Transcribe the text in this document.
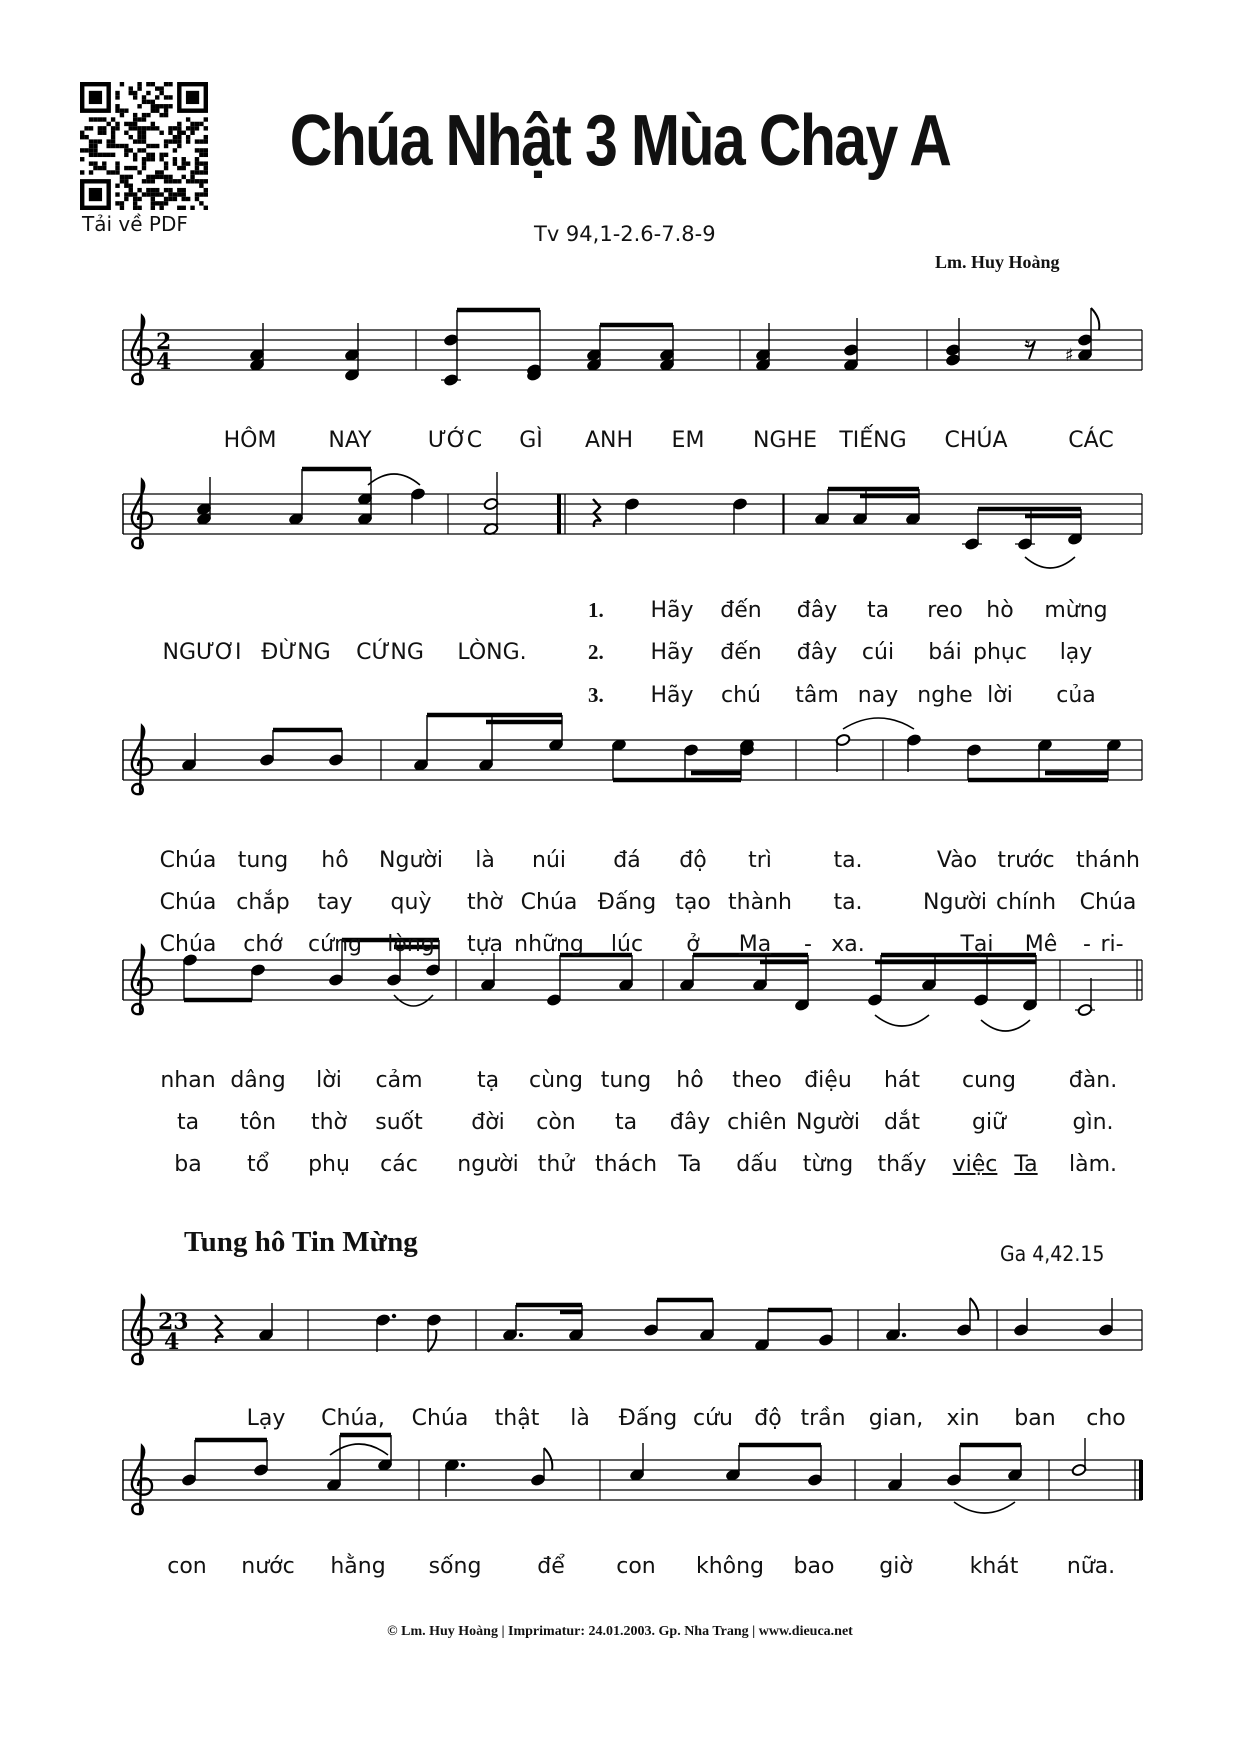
Tải về PDF
Chúa Nhật 3 Mùa Chay A
Tv 94,1-2.6-7.8-9
Lm. Huy Hoàng
2
4
𝄾 ♯
23
4
HÔM NAY	ƯỚC GÌ ANH EM NGHE TIẾNG CHÚA	CÁC
NGƯƠI ĐỪNG CỨNG LÒNG.
1.
2.
3.
Hãy đến đây ta reo hò mừng
Hãy đến đây cúi bái phục lạy
Hãy chú tâm nay nghe lời của
Chúa tung hô Người là núi đá độ trì	ta.	Vào trước thánh
Chúa chắp tay quỳ thờ Chúa Đấng tạo thành ta.	Người chính Chúa
Chúa chớ cứng lòng tựa những lúc ở Ma - xa.	Tại Mê - ri-
nhan dâng lời cảm tạ cùng tung hô theo điệu hát cung đàn.
ta tôn thờ suốt đời còn ta đây chiên Người dắt giữ	gìn.
ba tổ phụ các người thử thách Ta dấu từng thấy việc Ta làm.
Lạy Chúa, Chúa thật là Đấng cứu độ trần gian, xin ban cho
con nước hằng sống	để con không bao giờ	khát nữa.
Tung hô Tin Mừng	Ga 4,42.15
© Lm. Huy Hoàng | Imprimatur: 24.01.2003. Gp. Nha Trang | www.dieuca.net
